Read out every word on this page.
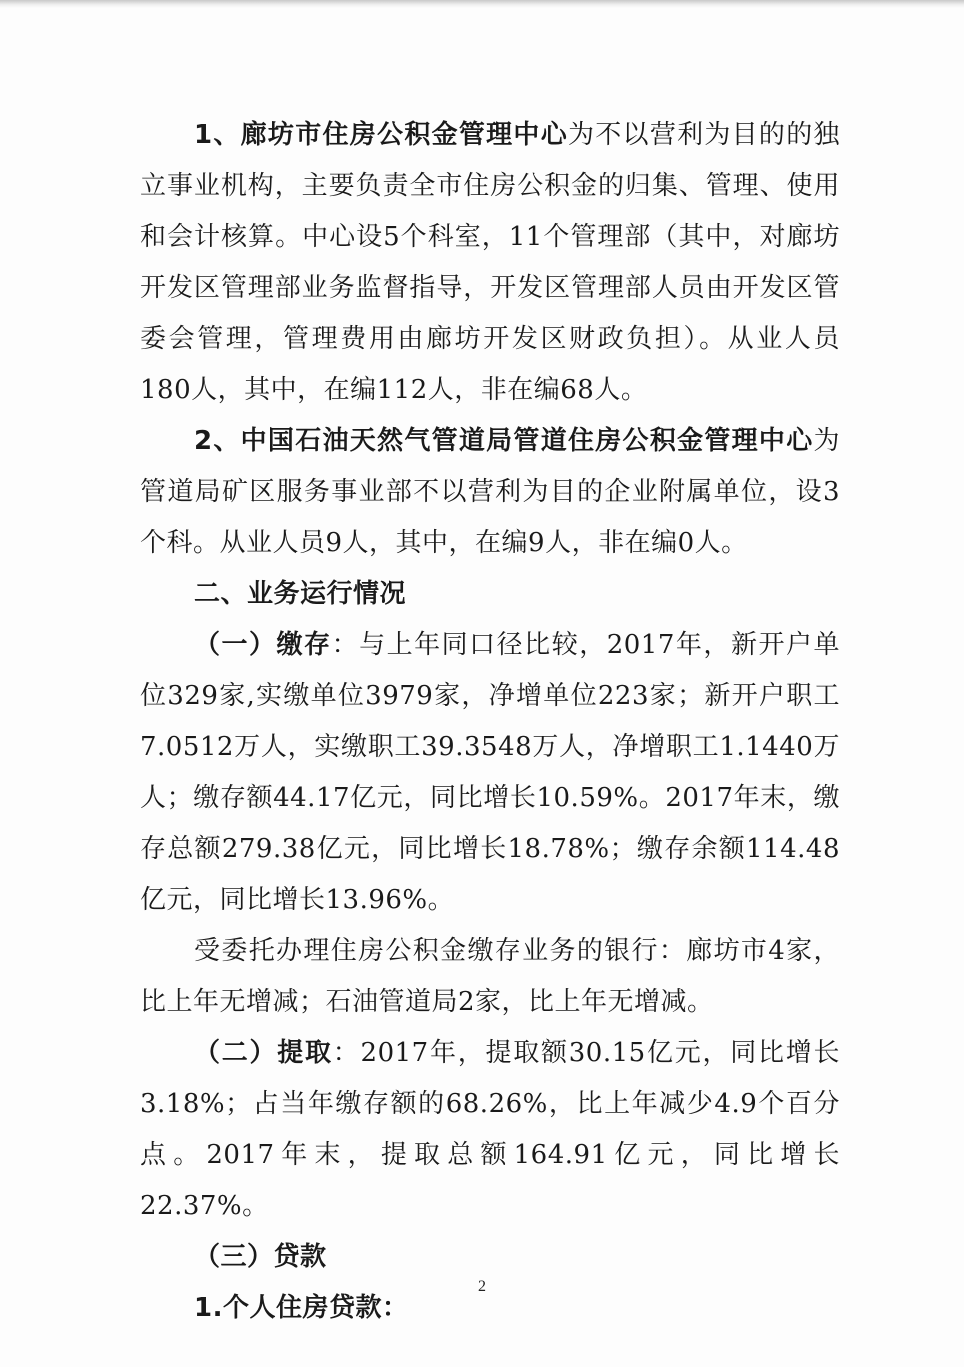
1、廊坊市住房公积金管理中心为不以营利为目的的独立事业机构，主要负责全市住房公积金的归集、管理、使用和会计核算。中心设5个科室，11个管理部（其中，对廊坊开发区管理部业务监督指导，开发区管理部人员由开发区管委会管理，管理费用由廊坊开发区财政负担）。从业人员180人，其中，在编112人，非在编68人。

2、中国石油天然气管道局管道住房公积金管理中心为管道局矿区服务事业部不以营利为目的企业附属单位，设3个科。从业人员9人，其中，在编9人，非在编0人。

二、业务运行情况

（一）缴存：与上年同口径比较，2017年，新开户单位329家,实缴单位3979家，净增单位223家；新开户职工7.0512万人，实缴职工39.3548万人，净增职工1.1440万人；缴存额44.17亿元，同比增长10.59%。2017年末，缴存总额279.38亿元，同比增长18.78%；缴存余额114.48亿元，同比增长13.96%。

受委托办理住房公积金缴存业务的银行：廊坊市4家，比上年无增减；石油管道局2家，比上年无增减。

（二）提取：2017年，提取额30.15亿元，同比增长3.18%；占当年缴存额的68.26%，比上年减少4.9个百分点。2017年末，提取总额164.91亿元，同比增长22.37%。

（三）贷款

1.个人住房贷款：

2
